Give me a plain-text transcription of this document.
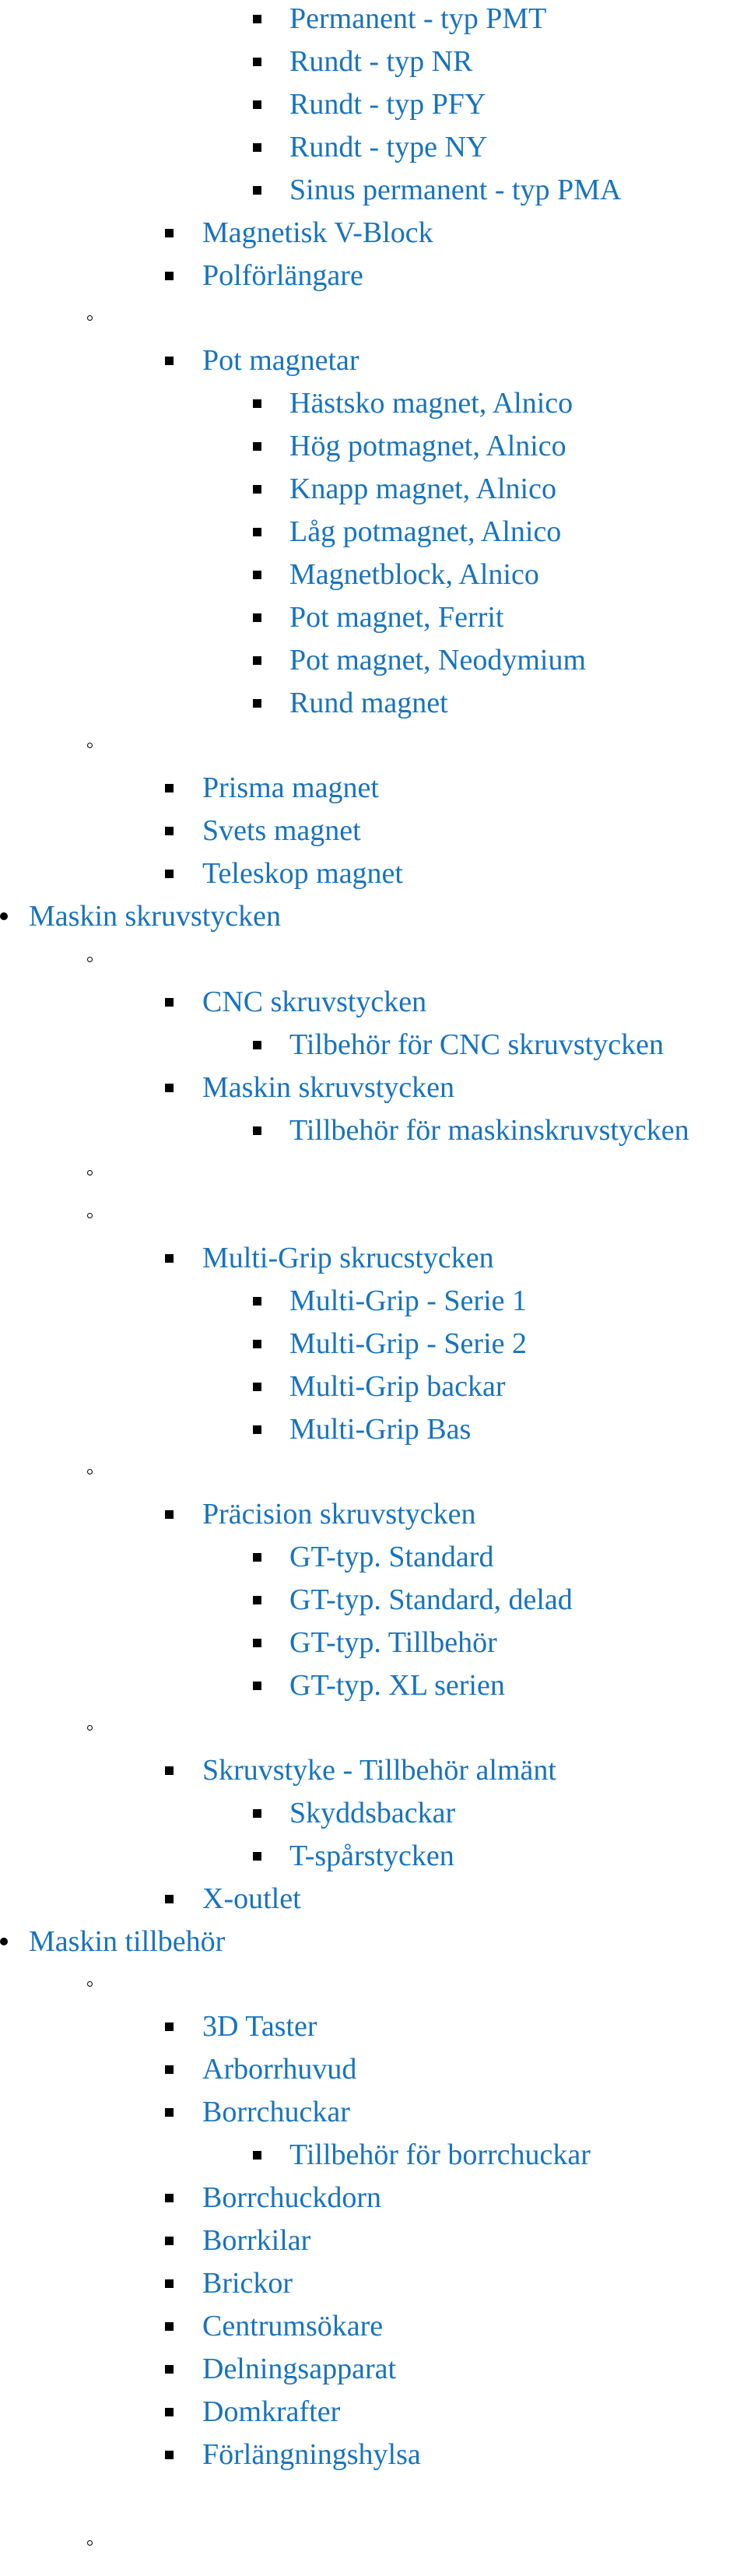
Permanent - typ PMT
Rundt - typ NR
Rundt - typ PFY
Rundt - type NY
Sinus permanent - typ PMA
Magnetisk V-Block
Polförlängare
Pot magnetar
Hästsko magnet, Alnico
Hög potmagnet, Alnico
Knapp magnet, Alnico
Låg potmagnet, Alnico
Magnetblock, Alnico
Pot magnet, Ferrit
Pot magnet, Neodymium
Rund magnet
Prisma magnet
Svets magnet
Teleskop magnet
Maskin skruvstycken
CNC skruvstycken
Tilbehör för CNC skruvstycken
Maskin skruvstycken
Tillbehör för maskinskruvstycken
Multi-Grip skrucstycken
Multi-Grip - Serie 1
Multi-Grip - Serie 2
Multi-Grip backar
Multi-Grip Bas
Präcision skruvstycken
GT-typ. Standard
GT-typ. Standard, delad
GT-typ. Tillbehör
GT-typ. XL serien
Skruvstyke - Tillbehör almänt
Skyddsbackar
T-spårstycken
X-outlet
Maskin tillbehör
3D Taster
Arborrhuvud
Borrchuckar
Tillbehör för borrchuckar
Borrchuckdorn
Borrkilar
Brickor
Centrumsökare
Delningsapparat
Domkrafter
Förlängningshylsa
